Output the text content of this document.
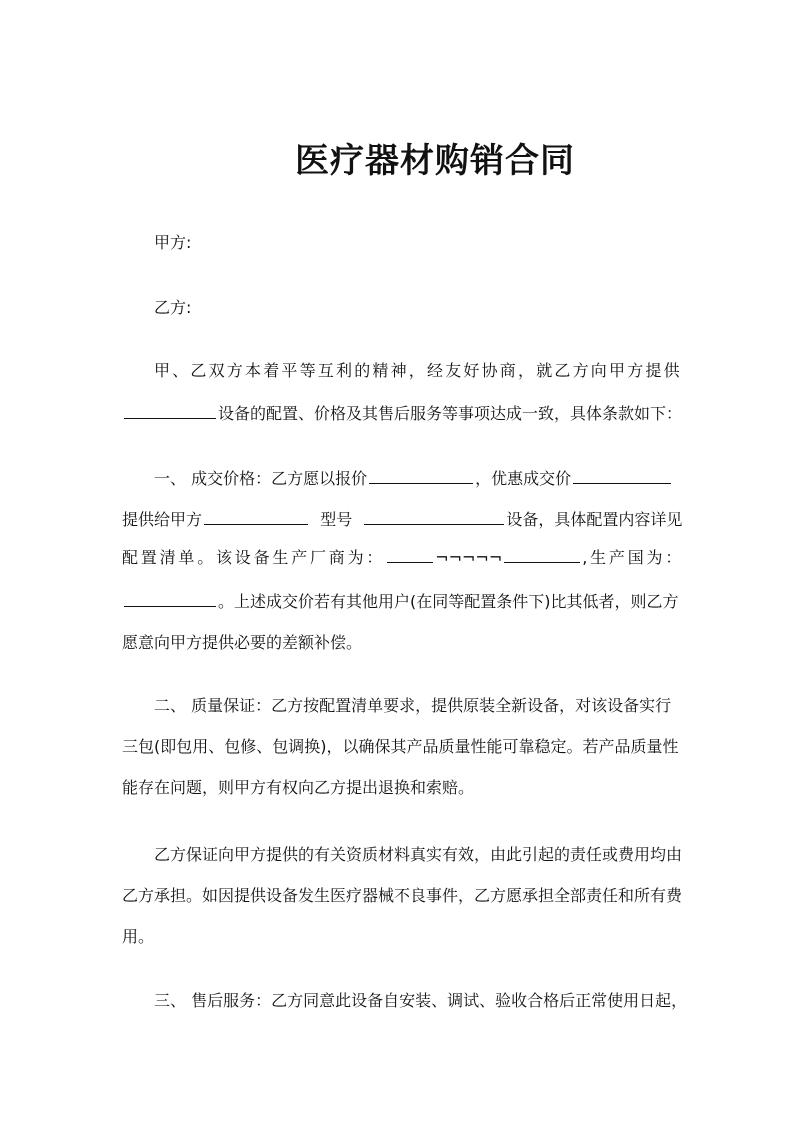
医疗器材购销合同
甲方:
乙方:
甲、乙双方本着平等互利的精神，经友好协商，就乙方向甲方提供
设备的配置、价格及其售后服务等事项达成一致，具体条款如下：
一、 成交价格：乙方愿以报价	，优惠成交价
提供给甲方	型号	设备，具体配置内容详见
配置清单。该设备生产厂商为：	¬¬¬¬¬	,生产国为：
。上述成交价若有其他用户(在同等配置条件下)比其低者，则乙方
愿意向甲方提供必要的差额补偿。
二、 质量保证：乙方按配置清单要求，提供原装全新设备，对该设备实行
三包(即包用、包修、包调换)，以确保其产品质量性能可靠稳定。若产品质量性
能存在问题，则甲方有权向乙方提出退换和索赔。
乙方保证向甲方提供的有关资质材料真实有效，由此引起的责任或费用均由
乙方承担。如因提供设备发生医疗器械不良事件，乙方愿承担全部责任和所有费
用。
三、 售后服务：乙方同意此设备自安装、调试、验收合格后正常使用日起，
